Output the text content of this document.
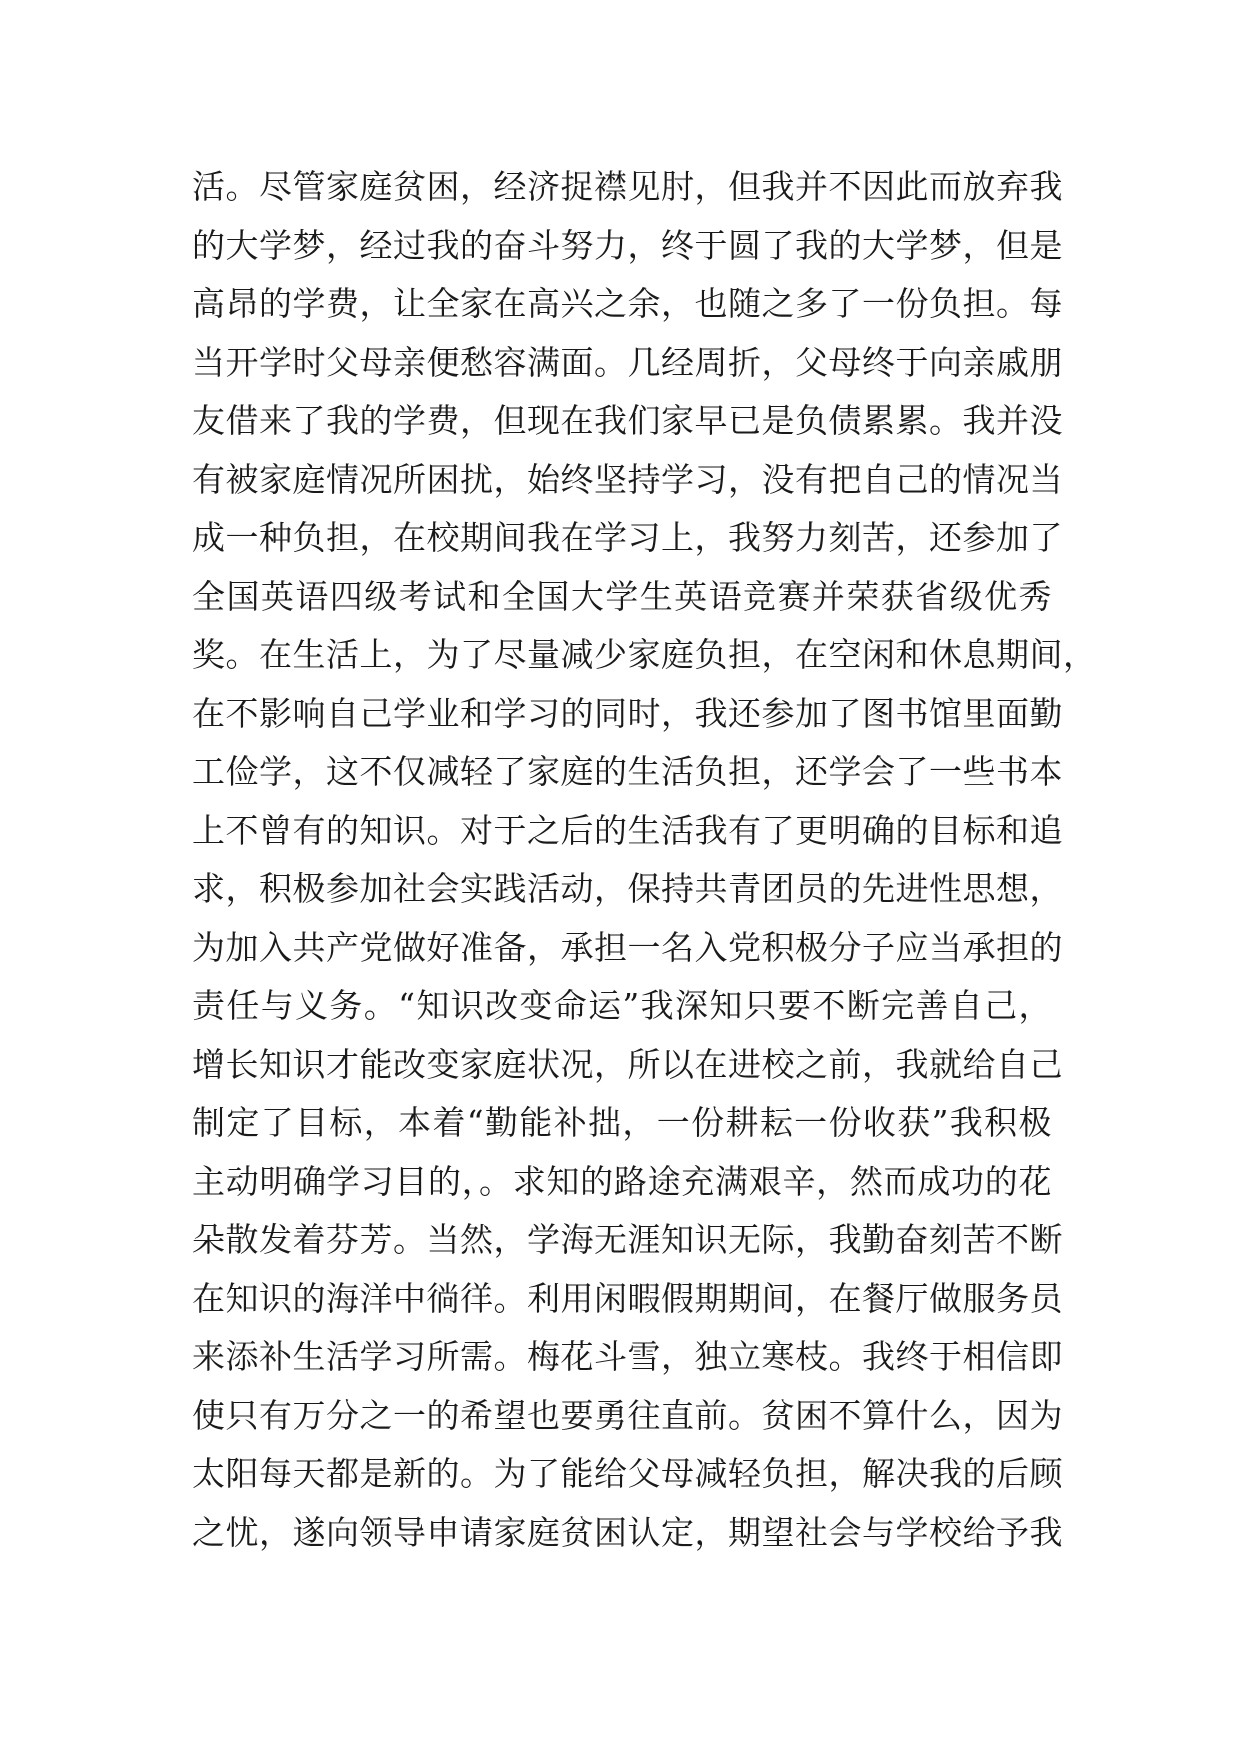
活。尽管家庭贫困，经济捉襟见肘，但我并不因此而放弃我
的大学梦，经过我的奋斗努力，终于圆了我的大学梦，但是
高昂的学费，让全家在高兴之余，也随之多了一份负担。每
当开学时父母亲便愁容满面。几经周折，父母终于向亲戚朋
友借来了我的学费，但现在我们家早已是负债累累。我并没
有被家庭情况所困扰，始终坚持学习，没有把自己的情况当
成一种负担，在校期间我在学习上，我努力刻苦，还参加了
全国英语四级考试和全国大学生英语竞赛并荣获省级优秀
奖。在生活上，为了尽量减少家庭负担，在空闲和休息期间，
在不影响自己学业和学习的同时，我还参加了图书馆里面勤
工俭学，这不仅减轻了家庭的生活负担，还学会了一些书本
上不曾有的知识。对于之后的生活我有了更明确的目标和追
求，积极参加社会实践活动，保持共青团员的先进性思想，
为加入共产党做好准备，承担一名入党积极分子应当承担的
责任与义务。“知识改变命运”我深知只要不断完善自己，
增长知识才能改变家庭状况，所以在进校之前，我就给自己
制定了目标，本着“勤能补拙，一份耕耘一份收获”我积极
主动明确学习目的，。求知的路途充满艰辛，然而成功的花
朵散发着芬芳。当然，学海无涯知识无际，我勤奋刻苦不断
在知识的海洋中徜徉。利用闲暇假期期间，在餐厅做服务员
来添补生活学习所需。梅花斗雪，独立寒枝。我终于相信即
使只有万分之一的希望也要勇往直前。贫困不算什么，因为
太阳每天都是新的。为了能给父母减轻负担，解决我的后顾
之忧，遂向领导申请家庭贫困认定，期望社会与学校给予我
